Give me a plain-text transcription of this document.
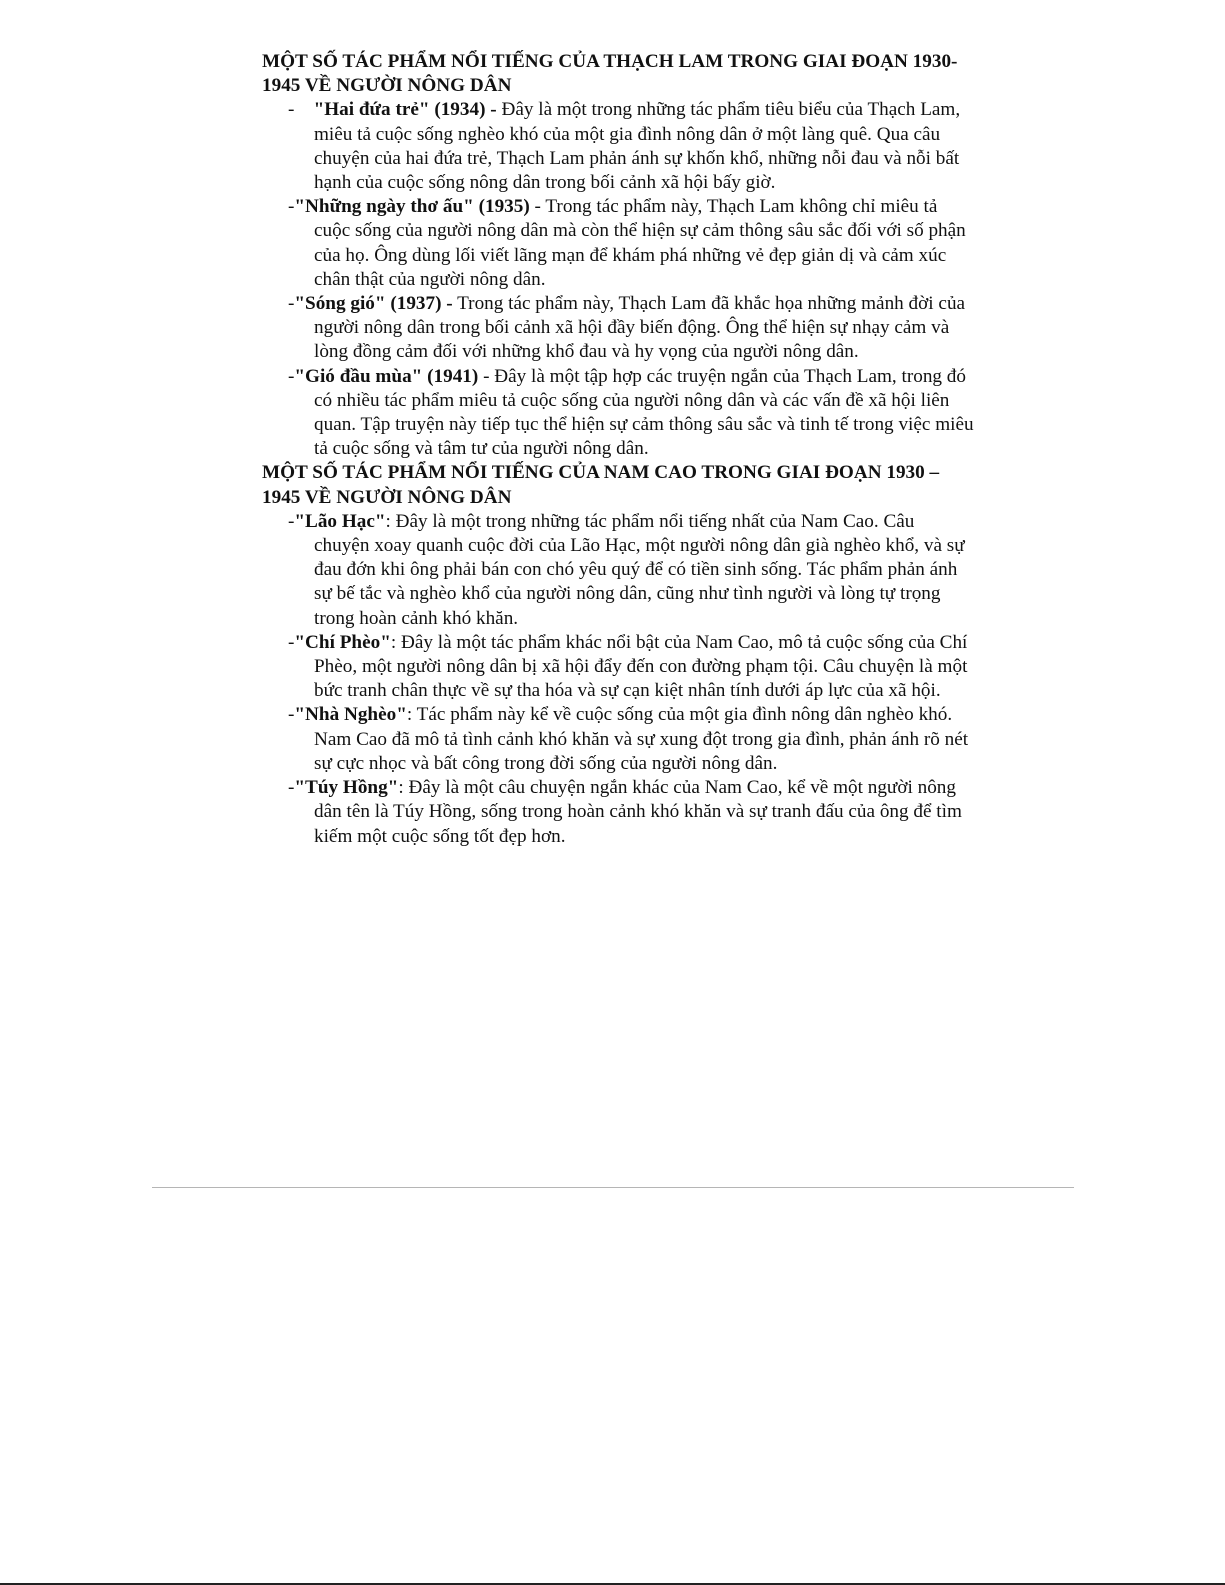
MỘT SỐ TÁC PHẨM NỔI TIẾNG CỦA THẠCH LAM TRONG GIAI ĐOẠN 1930-1945 VỀ NGƯỜI NÔNG DÂN

-    "Hai đứa trẻ" (1934) - Đây là một trong những tác phẩm tiêu biểu của Thạch Lam, miêu tả cuộc sống nghèo khó của một gia đình nông dân ở một làng quê. Qua câu chuyện của hai đứa trẻ, Thạch Lam phản ánh sự khốn khổ, những nỗi đau và nỗi bất hạnh của cuộc sống nông dân trong bối cảnh xã hội bấy giờ.

-"Những ngày thơ ấu" (1935) - Trong tác phẩm này, Thạch Lam không chỉ miêu tả cuộc sống của người nông dân mà còn thể hiện sự cảm thông sâu sắc đối với số phận của họ. Ông dùng lối viết lãng mạn để khám phá những vẻ đẹp giản dị và cảm xúc chân thật của người nông dân.

-"Sóng gió" (1937) - Trong tác phẩm này, Thạch Lam đã khắc họa những mảnh đời của người nông dân trong bối cảnh xã hội đầy biến động. Ông thể hiện sự nhạy cảm và lòng đồng cảm đối với những khổ đau và hy vọng của người nông dân.

-"Gió đầu mùa" (1941) - Đây là một tập hợp các truyện ngắn của Thạch Lam, trong đó có nhiều tác phẩm miêu tả cuộc sống của người nông dân và các vấn đề xã hội liên quan. Tập truyện này tiếp tục thể hiện sự cảm thông sâu sắc và tinh tế trong việc miêu tả cuộc sống và tâm tư của người nông dân.

MỘT SỐ TÁC PHẨM NỔI TIẾNG CỦA NAM CAO TRONG GIAI ĐOẠN 1930 – 1945 VỀ NGƯỜI NÔNG DÂN

-"Lão Hạc": Đây là một trong những tác phẩm nổi tiếng nhất của Nam Cao. Câu chuyện xoay quanh cuộc đời của Lão Hạc, một người nông dân già nghèo khổ, và sự đau đớn khi ông phải bán con chó yêu quý để có tiền sinh sống. Tác phẩm phản ánh sự bế tắc và nghèo khổ của người nông dân, cũng như tình người và lòng tự trọng trong hoàn cảnh khó khăn.

-"Chí Phèo": Đây là một tác phẩm khác nổi bật của Nam Cao, mô tả cuộc sống của Chí Phèo, một người nông dân bị xã hội đẩy đến con đường phạm tội. Câu chuyện là một bức tranh chân thực về sự tha hóa và sự cạn kiệt nhân tính dưới áp lực của xã hội.

-"Nhà Nghèo": Tác phẩm này kể về cuộc sống của một gia đình nông dân nghèo khó. Nam Cao đã mô tả tình cảnh khó khăn và sự xung đột trong gia đình, phản ánh rõ nét sự cực nhọc và bất công trong đời sống của người nông dân.

-"Túy Hồng": Đây là một câu chuyện ngắn khác của Nam Cao, kể về một người nông dân tên là Túy Hồng, sống trong hoàn cảnh khó khăn và sự tranh đấu của ông để tìm kiếm một cuộc sống tốt đẹp hơn.
